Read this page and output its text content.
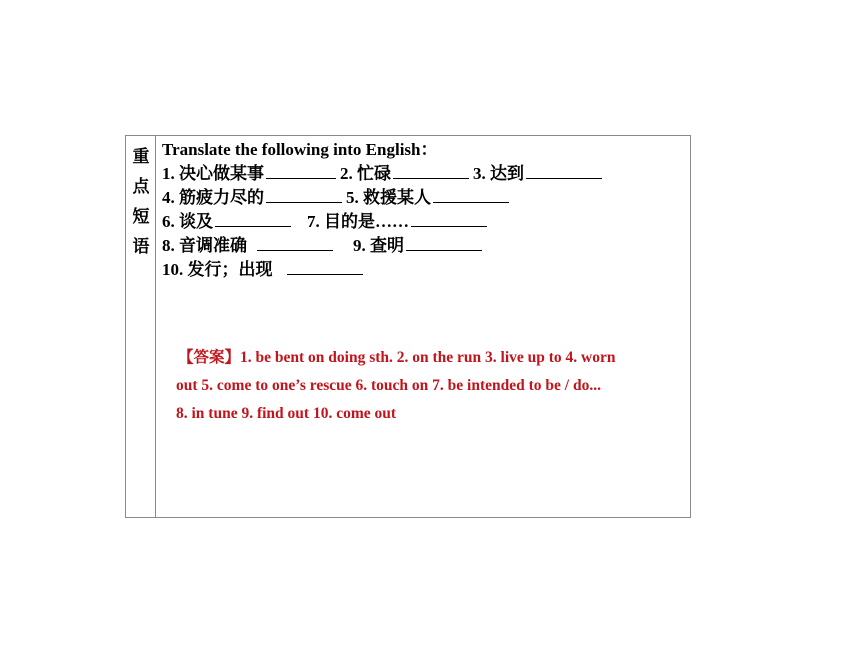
重
点
短
语
Translate the following into English：
1. 决心做某事	2. 忙碌	3. 达到
4. 筋疲力尽的	5. 救援某人
6. 谈及	7. 目的是……
8. 音调准确	9. 查明
10. 发行；出现
【答案】1. be bent on doing sth. 2. on the run 3. live up to 4. worn
out 5. come to one’s rescue 6. touch on 7. be intended to be / do...
8. in tune 9. find out 10. come out
